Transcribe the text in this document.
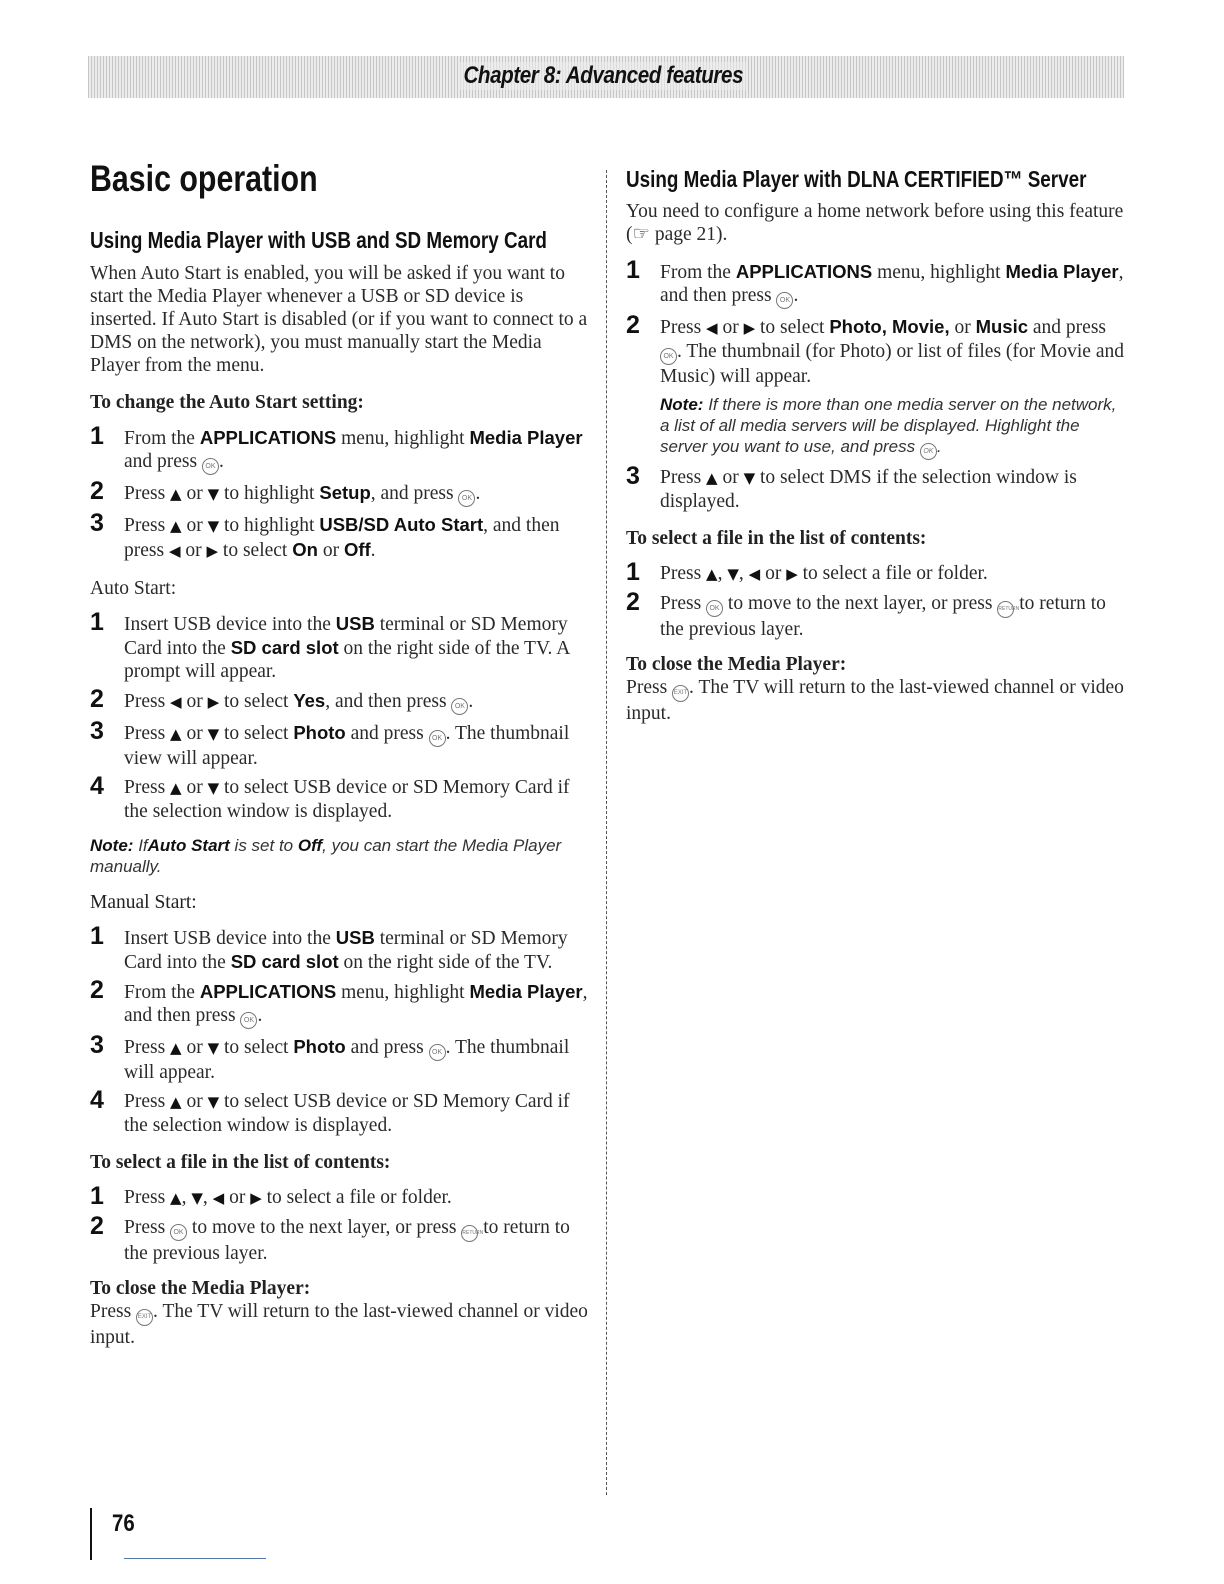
Chapter 8: Advanced features
Basic operation
Using Media Player with USB and SD Memory Card

When Auto Start is enabled, you will be asked if you want to start the Media Player whenever a USB or SD device is inserted. If Auto Start is disabled (or if you want to connect to a DMS on the network), you must manually start the Media Player from the menu.

To change the Auto Start setting:

1 From the APPLICATIONS menu, highlight Media Player and press OK .
2 Press ▲ or ▼ to highlight Setup, and press OK .
3 Press ▲ or ▼ to highlight USB/SD Auto Start, and then press ◀ or ▶ to select On or Off.

Auto Start:

1 Insert USB device into the USB terminal or SD Memory Card into the SD card slot on the right side of the TV. A prompt will appear.
2 Press ◀ or ▶ to select Yes, and then press OK .
3 Press ▲ or ▼ to select Photo and press OK . The thumbnail view will appear.
4 Press ▲ or ▼ to select USB device or SD Memory Card if the selection window is displayed.
Note: IfAuto Start is set to Off, you can start the Media Player manually.

Manual Start:

1 Insert USB device into the USB terminal or SD Memory Card into the SD card slot on the right side of the TV.
2 From the APPLICATIONS menu, highlight Media Player, and then press OK .
3 Press ▲ or ▼ to select Photo and press OK . The thumbnail will appear.
4 Press ▲ or ▼ to select USB device or SD Memory Card if the selection window is displayed.

To select a file in the list of contents:

1 Press ▲, ▼, ◀ or ▶ to select a file or folder.
2 Press OK to move to the next layer, or press RETURN to return to the previous layer.

To close the Media Player:

Press EXIT. The TV will return to the last-viewed channel or video input.

Using Media Player with DLNA CERTIFIED™ Server

You need to configure a home network before using this feature (☞ page 21).

1 From the APPLICATIONS menu, highlight Media Player, and then press OK .
2 Press ◀ or ▶ to select Photo, Movie, or Music and press OK . The thumbnail (for Photo) or list of files (for Movie and Music) will appear.
Note: If there is more than one media server on the network, a list of all media servers will be displayed. Highlight the server you want to use, and press OK .
3 Press ▲ or ▼ to select DMS if the selection window is displayed.

To select a file in the list of contents:

1 Press ▲, ▼, ◀ or ▶ to select a file or folder.
2 Press OK to move to the next layer, or press RETURN to return to the previous layer.

To close the Media Player:

Press EXIT. The TV will return to the last-viewed channel or video input.

76
